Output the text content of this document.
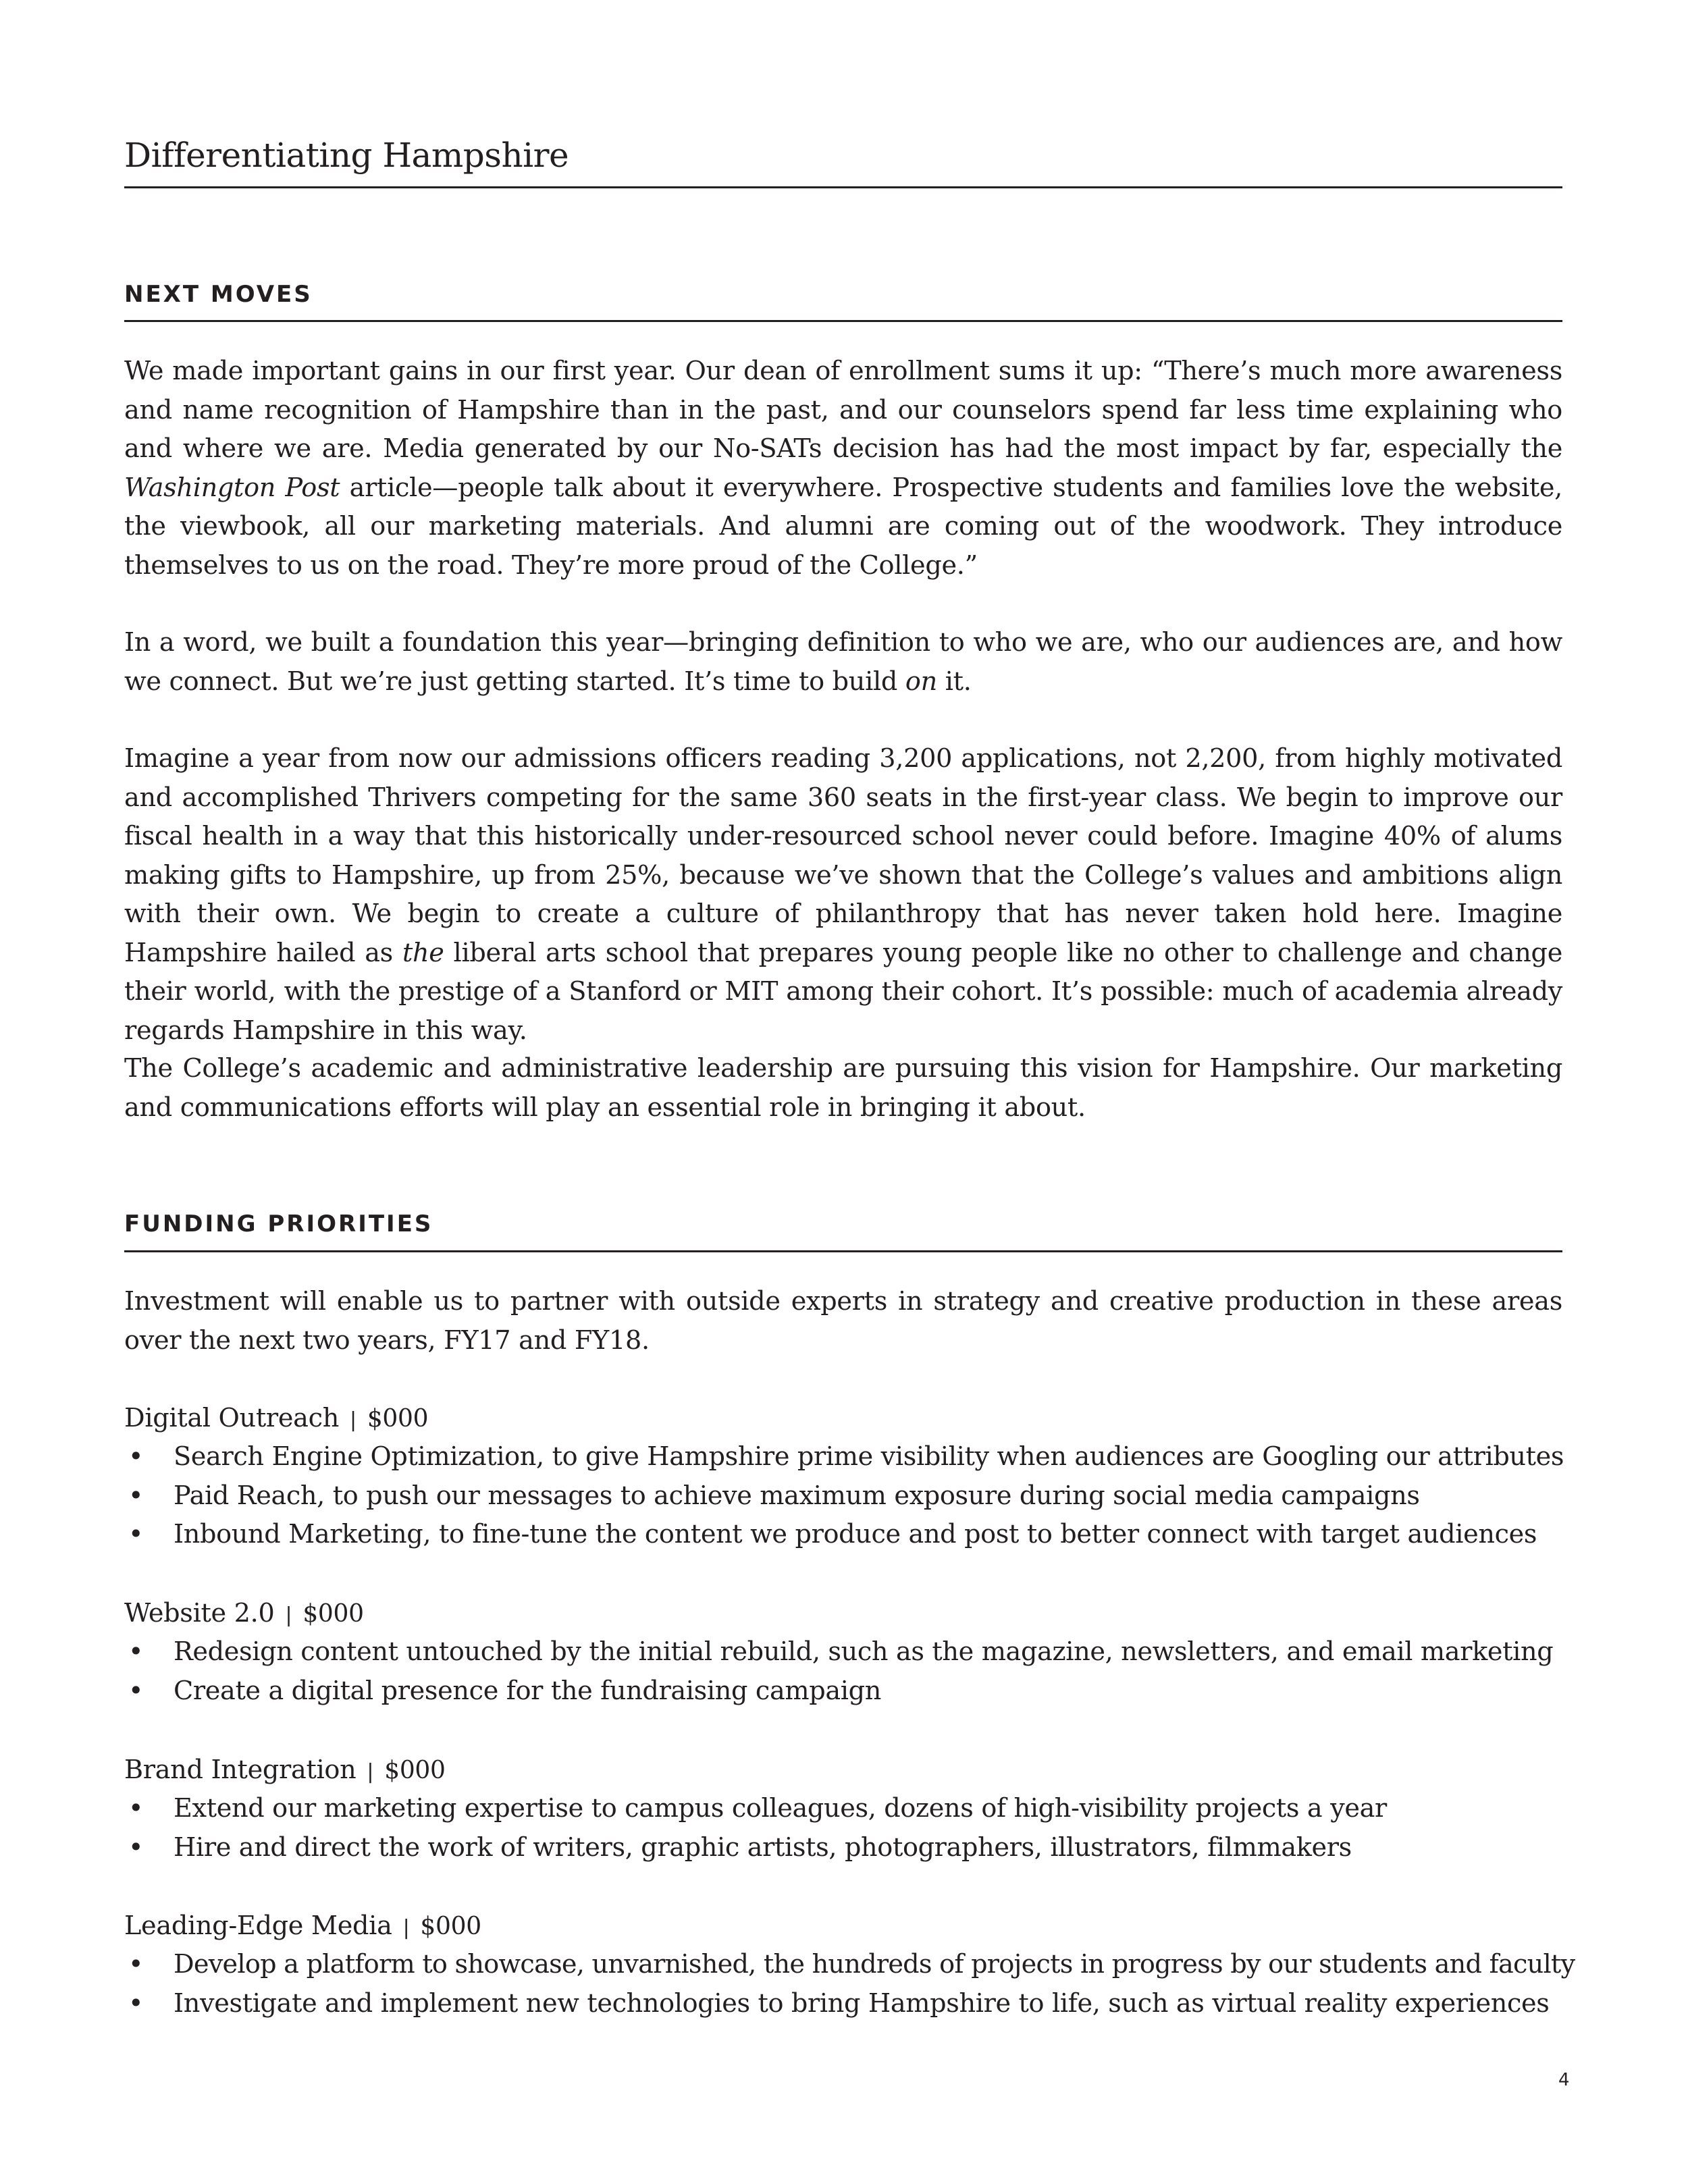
Differentiating Hampshire
NEXT MOVES

We made important gains in our first year. Our dean of enrollment sums it up: “There’s much more awareness and name recognition of Hampshire than in the past, and our counselors spend far less time explaining who and where we are. Media generated by our No-SATs decision has had the most impact by far, especially the Washington Post article—people talk about it everywhere. Prospective students and families love the website, the viewbook, all our marketing materials. And alumni are coming out of the woodwork. They introduce themselves to us on the road. They’re more proud of the College.”

In a word, we built a foundation this year—bringing definition to who we are, who our audiences are, and how we connect. But we’re just getting started. It’s time to build on it.

Imagine a year from now our admissions officers reading 3,200 applications, not 2,200, from highly motivated and accomplished Thrivers competing for the same 360 seats in the first-year class. We begin to improve our fiscal health in a way that this historically under-resourced school never could before. Imagine 40% of alums making gifts to Hampshire, up from 25%, because we’ve shown that the College’s values and ambitions align with their own. We begin to create a culture of philanthropy that has never taken hold here. Imagine Hampshire hailed as the liberal arts school that prepares young people like no other to challenge and change their world, with the prestige of a Stanford or MIT among their cohort. It’s possible: much of academia already regards Hampshire in this way.

The College’s academic and administrative leadership are pursuing this vision for Hampshire. Our marketing and communications efforts will play an essential role in bringing it about.

FUNDING PRIORITIES

Investment will enable us to partner with outside experts in strategy and creative production in these areas over the next two years, FY17 and FY18.

Digital Outreach | $000

• Search Engine Optimization, to give Hampshire prime visibility when audiences are Googling our attributes
• Paid Reach, to push our messages to achieve maximum exposure during social media campaigns
• Inbound Marketing, to fine-tune the content we produce and post to better connect with target audiences

Website 2.0 | $000

• Redesign content untouched by the initial rebuild, such as the magazine, newsletters, and email marketing
• Create a digital presence for the fundraising campaign

Brand Integration | $000

• Extend our marketing expertise to campus colleagues, dozens of high-visibility projects a year
• Hire and direct the work of writers, graphic artists, photographers, illustrators, filmmakers

Leading-Edge Media | $000

• Develop a platform to showcase, unvarnished, the hundreds of projects in progress by our students and faculty
• Investigate and implement new technologies to bring Hampshire to life, such as virtual reality experiences
4
